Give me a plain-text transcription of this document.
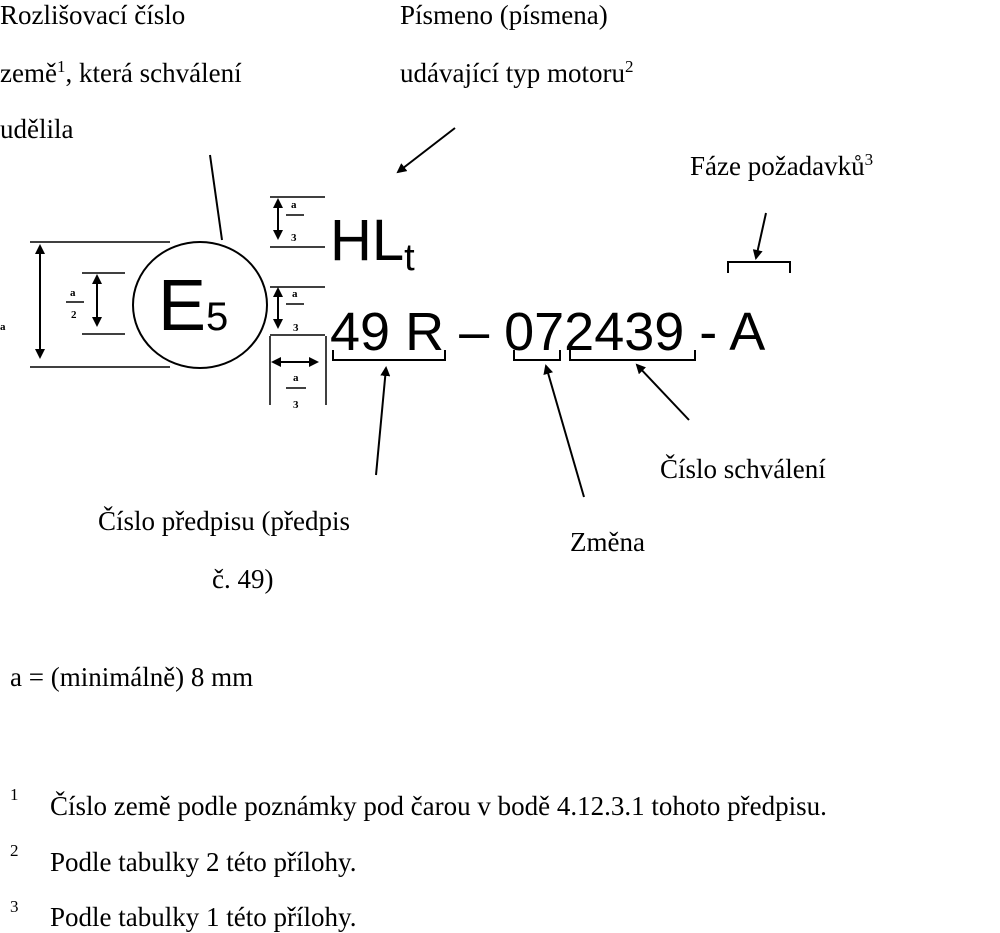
Rozlišovací číslo
země$^1$, která schválení
udělila
Písmeno (písmena)
udávající typ motoru$^2$
Fáze požadavků$^3$
a
a
2 E 5
a
3 HLt
a
3 49 R – 072439 - A
a
3
Číslo schválení
Číslo předpisu (předpis
č. 49)
Změna
a = (minimálně) 8 mm
1 Číslo země podle poznámky pod čarou v bodě 4.12.3.1 tohoto předpisu.
2 Podle tabulky 2 této přílohy.
3 Podle tabulky 1 této přílohy.
